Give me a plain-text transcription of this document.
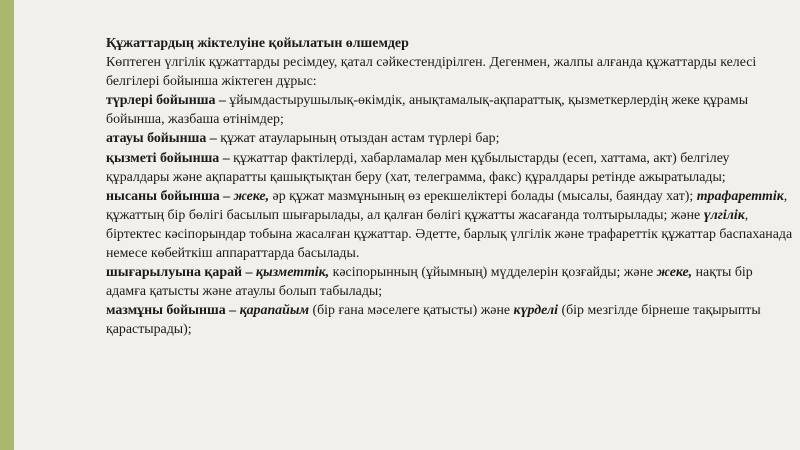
Құжаттардың жіктелуіне қойылатын өлшемдер

Көптеген үлгілік құжаттарды ресімдеу, қатал сәйкестендірілген. Дегенмен, жалпы алғанда құжаттарды келесі белгілері бойынша жіктеген дұрыс:

түрлері бойынша – ұйымдастырушылық-өкімдік, анықтамалық-ақпараттық, қызметкерлердің жеке құрамы бойынша, жазбаша өтінімдер;

атауы бойынша – құжат атауларының отыздан астам түрлері бар;

қызметі бойынша – құжаттар фактілерді, хабарламалар мен құбылыстарды (есеп, хаттама, акт) белгілеу құралдары және ақпаратты қашықтықтан беру (хат, телеграмма, факс) құралдары ретінде ажыратылады;

нысаны бойынша – жеке, әр құжат мазмұнының өз ерекшеліктері болады (мысалы, баяндау хат); трафареттік, құжаттың бір бөлігі басылып шығарылады, ал қалған бөлігі құжатты жасағанда толтырылады; және үлгілік, біртектес кәсіпорындар тобына жасалған құжаттар. Әдетте, барлық үлгілік және трафареттік құжаттар баспаханада немесе көбейткіш аппараттарда басылады.

шығарылуына қарай – қызметтік, кәсіпорынның (ұйымның) мүдделерін қозғайды; және жеке, нақты бір адамға қатысты және атаулы болып табылады;

мазмұны бойынша – қарапайым (бір ғана мәселеге қатысты) және күрделі (бір мезгілде бірнеше тақырыпты қарастырады);
